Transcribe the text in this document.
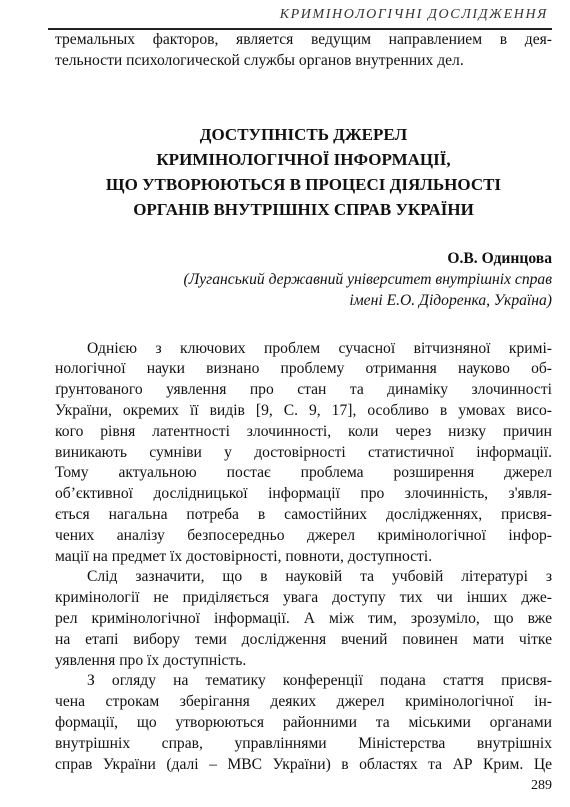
КРИМІНОЛОГІЧНІ ДОСЛІДЖЕННЯ

тремальных факторов, является ведущим направлением в дея-
тельности психологической службы органов внутренних дел.

ДОСТУПНІСТЬ ДЖЕРЕЛ
КРИМІНОЛОГІЧНОЇ ІНФОРМАЦІЇ,
ЩО УТВОРЮЮТЬСЯ В ПРОЦЕСІ ДІЯЛЬНОСТІ
ОРГАНІВ ВНУТРІШНІХ СПРАВ УКРАЇНИ
О.В. Одинцова
(Луганський державний університет внутрішніх справ
імені Е.О. Дідоренка, Україна)

Однією з ключових проблем сучасної вітчизняної кримі-
нологічної науки визнано проблему отримання науково об-
ґрунтованого уявлення про стан та динаміку злочинності
України, окремих її видів [9, С. 9, 17], особливо в умовах висо-
кого рівня латентності злочинності, коли через низку причин
виникають сумніви у достовірності статистичної інформації.
Тому актуальною постає проблема розширення джерел
об’єктивної дослідницької інформації про злочинність, з'явля-
ється нагальна потреба в самостійних дослідженнях, присвя-
чених аналізу безпосередньо джерел кримінологічної інфор-
мації на предмет їх достовірності, повноти, доступності.

Слід зазначити, що в науковій та учбовій літературі з
кримінології не приділяється увага доступу тих чи інших дже-
рел кримінологічної інформації. А між тим, зрозуміло, що вже
на етапі вибору теми дослідження вчений повинен мати чітке
уявлення про їх доступність.

З огляду на тематику конференції подана стаття присвя-
чена строкам зберігання деяких джерел кримінологічної ін-
формації, що утворюються районними та міськими органами
внутрішніх справ, управліннями Міністерства внутрішніх
справ України (далі – МВС України) в областях та АР Крим. Це

289
